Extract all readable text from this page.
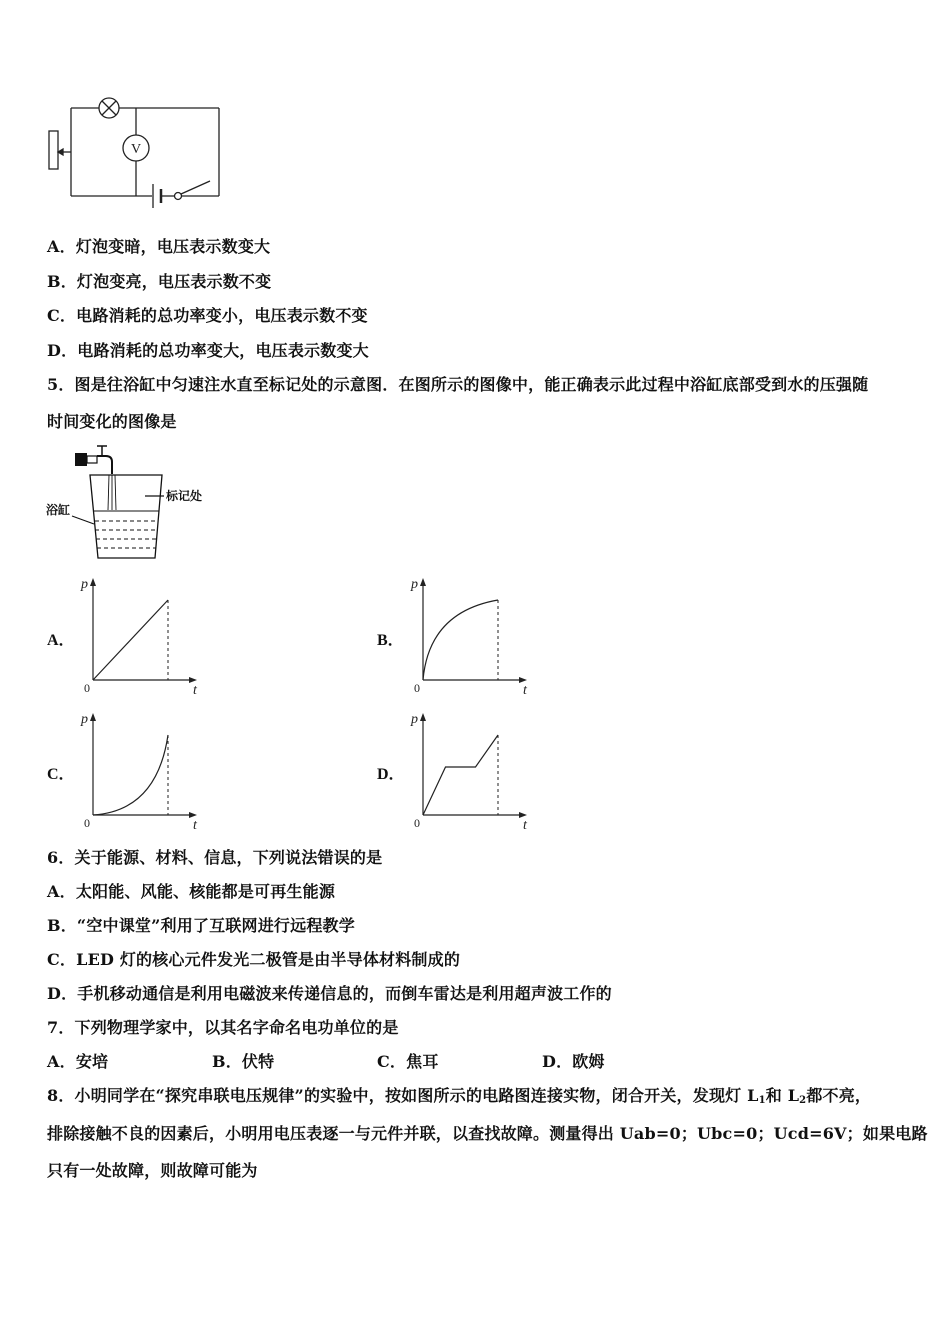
V
A．灯泡变暗，电压表示数变大
B．灯泡变亮，电压表示数不变
C．电路消耗的总功率变小，电压表示数不变
D．电路消耗的总功率变大，电压表示数变大
5．图是往浴缸中匀速注水直至标记处的示意图．在图所示的图像中，能正确表示此过程中浴缸底部受到水的压强随
时间变化的图像是
标记处
浴缸
A．	B．
C．	D．
p
t
0
p
t
0
p
t
0
p
t
0
6．关于能源、材料、信息，下列说法错误的是
A．太阳能、风能、核能都是可再生能源
B．“空中课堂”利用了互联网进行远程教学
C．LED 灯的核心元件发光二极管是由半导体材料制成的
D．手机移动通信是利用电磁波来传递信息的，而倒车雷达是利用超声波工作的
7．下列物理学家中，以其名字命名电功单位的是
A．安培	B．伏特	C．焦耳	D．欧姆
8．小明同学在“探究串联电压规律”的实验中，按如图所示的电路图连接实物，闭合开关，发现灯 $L_1$和 $L_2$都不亮，
排除接触不良的因素后，小明用电压表逐一与元件并联，以查找故障。测量得出 Uab=0；Ubc=0；Ucd=6V；如果电路
只有一处故障，则故障可能为
